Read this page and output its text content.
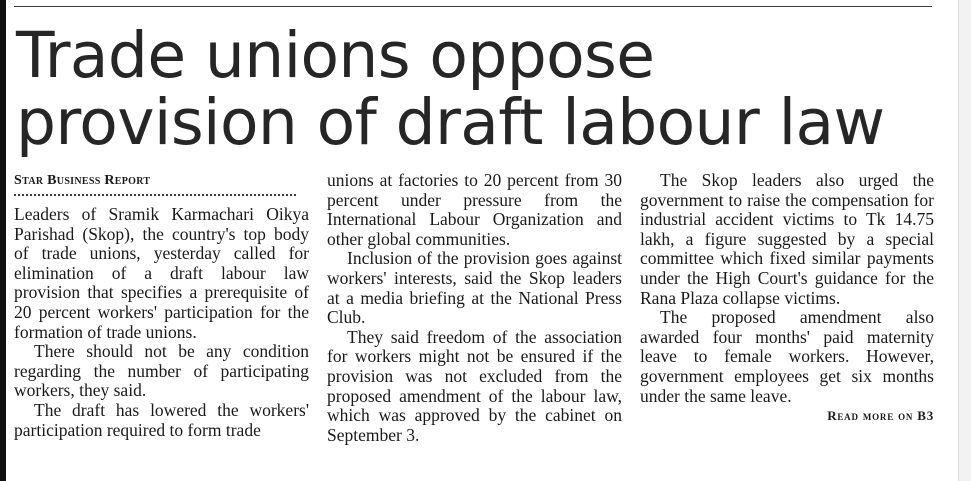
Trade unions oppose provision of draft labour law
Star Business Report

Leaders of Sramik Karmachari Oikya Parishad (Skop), the country's top body of trade unions, yesterday called for elimination of a draft labour law provision that specifies a prerequisite of 20 percent workers' participation for the formation of trade unions.

There should not be any condition regarding the number of participating workers, they said.

The draft has lowered the workers' participation required to form trade

unions at factories to 20 percent from 30 percent under pressure from the International Labour Organization and other global communities.

Inclusion of the provision goes against workers' interests, said the Skop leaders at a media briefing at the National Press Club.

They said freedom of the association for workers might not be ensured if the provision was not excluded from the proposed amendment of the labour law, which was approved by the cabinet on September 3.

The Skop leaders also urged the government to raise the compensation for industrial accident victims to Tk 14.75 lakh, a figure suggested by a special committee which fixed similar payments under the High Court's guidance for the Rana Plaza collapse victims.

The proposed amendment also awarded four months' paid maternity leave to female workers. However, government employees get six months under the same leave.

Read more on B3
